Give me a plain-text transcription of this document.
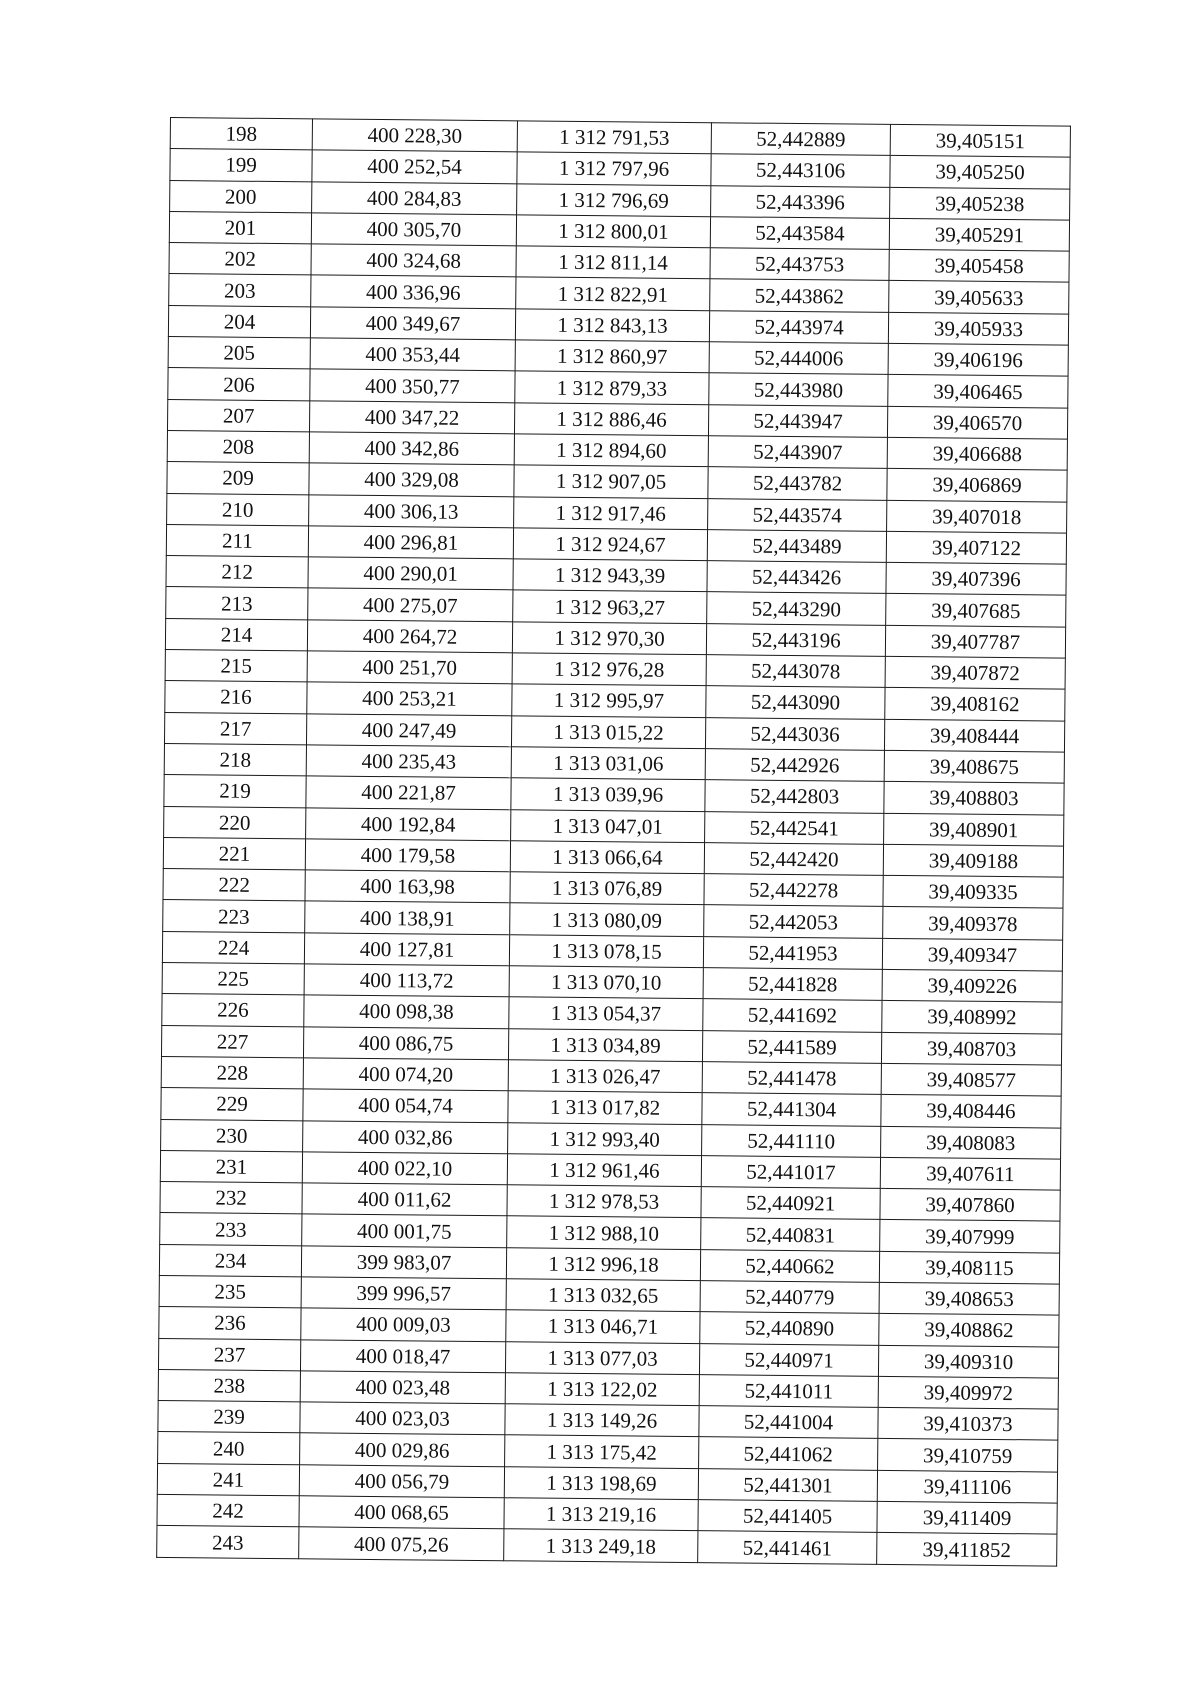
198	400 228,30	1 312 791,53	52,442889	39,405151
199	400 252,54	1 312 797,96	52,443106	39,405250
200	400 284,83	1 312 796,69	52,443396	39,405238
201	400 305,70	1 312 800,01	52,443584	39,405291
202	400 324,68	1 312 811,14	52,443753	39,405458
203	400 336,96	1 312 822,91	52,443862	39,405633
204	400 349,67	1 312 843,13	52,443974	39,405933
205	400 353,44	1 312 860,97	52,444006	39,406196
206	400 350,77	1 312 879,33	52,443980	39,406465
207	400 347,22	1 312 886,46	52,443947	39,406570
208	400 342,86	1 312 894,60	52,443907	39,406688
209	400 329,08	1 312 907,05	52,443782	39,406869
210	400 306,13	1 312 917,46	52,443574	39,407018
211	400 296,81	1 312 924,67	52,443489	39,407122
212	400 290,01	1 312 943,39	52,443426	39,407396
213	400 275,07	1 312 963,27	52,443290	39,407685
214	400 264,72	1 312 970,30	52,443196	39,407787
215	400 251,70	1 312 976,28	52,443078	39,407872
216	400 253,21	1 312 995,97	52,443090	39,408162
217	400 247,49	1 313 015,22	52,443036	39,408444
218	400 235,43	1 313 031,06	52,442926	39,408675
219	400 221,87	1 313 039,96	52,442803	39,408803
220	400 192,84	1 313 047,01	52,442541	39,408901
221	400 179,58	1 313 066,64	52,442420	39,409188
222	400 163,98	1 313 076,89	52,442278	39,409335
223	400 138,91	1 313 080,09	52,442053	39,409378
224	400 127,81	1 313 078,15	52,441953	39,409347
225	400 113,72	1 313 070,10	52,441828	39,409226
226	400 098,38	1 313 054,37	52,441692	39,408992
227	400 086,75	1 313 034,89	52,441589	39,408703
228	400 074,20	1 313 026,47	52,441478	39,408577
229	400 054,74	1 313 017,82	52,441304	39,408446
230	400 032,86	1 312 993,40	52,441110	39,408083
231	400 022,10	1 312 961,46	52,441017	39,407611
232	400 011,62	1 312 978,53	52,440921	39,407860
233	400 001,75	1 312 988,10	52,440831	39,407999
234	399 983,07	1 312 996,18	52,440662	39,408115
235	399 996,57	1 313 032,65	52,440779	39,408653
236	400 009,03	1 313 046,71	52,440890	39,408862
237	400 018,47	1 313 077,03	52,440971	39,409310
238	400 023,48	1 313 122,02	52,441011	39,409972
239	400 023,03	1 313 149,26	52,441004	39,410373
240	400 029,86	1 313 175,42	52,441062	39,410759
241	400 056,79	1 313 198,69	52,441301	39,411106
242	400 068,65	1 313 219,16	52,441405	39,411409
243	400 075,26	1 313 249,18	52,441461	39,411852
